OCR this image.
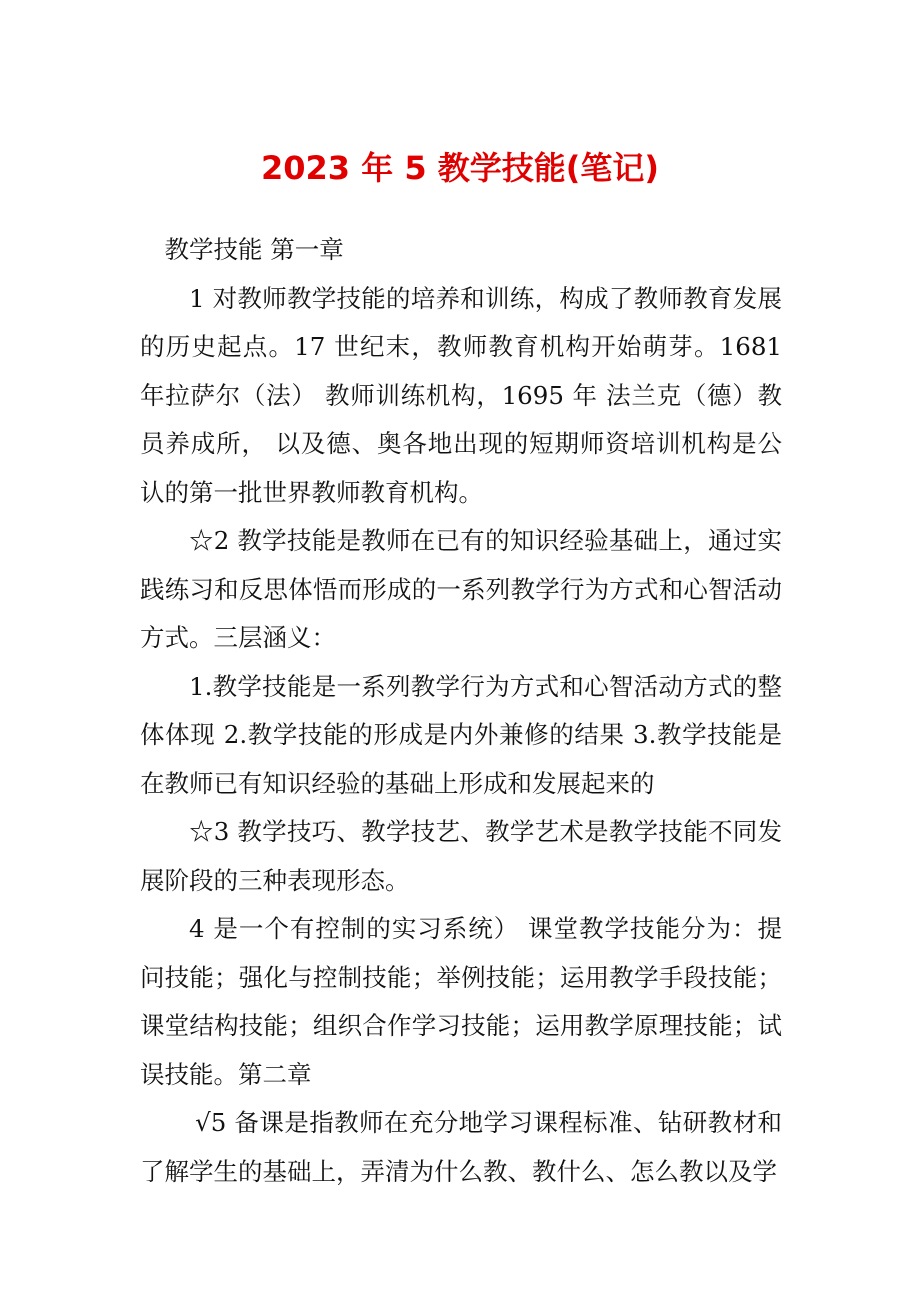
2023 年 5 教学技能(笔记)

教学技能 第一章

1 对教师教学技能的培养和训练，构成了教师教育发展的历史起点。17 世纪末，教师教育机构开始萌芽。1681 年拉萨尔（法） 教师训练机构，1695 年 法兰克（德）教员养成所， 以及德、奥各地出现的短期师资培训机构是公认的第一批世界教师教育机构。

☆2 教学技能是教师在已有的知识经验基础上，通过实践练习和反思体悟而形成的一系列教学行为方式和心智活动方式。三层涵义：

1.教学技能是一系列教学行为方式和心智活动方式的整体体现 2.教学技能的形成是内外兼修的结果 3.教学技能是在教师已有知识经验的基础上形成和发展起来的

☆3 教学技巧、教学技艺、教学艺术是教学技能不同发展阶段的三种表现形态。

4 是一个有控制的实习系统） 课堂教学技能分为：提问技能；强化与控制技能；举例技能；运用教学手段技能；课堂结构技能；组织合作学习技能；运用教学原理技能；试误技能。第二章

√5 备课是指教师在充分地学习课程标准、钻研教材和了解学生的基础上，弄清为什么教、教什么、怎么教以及学
